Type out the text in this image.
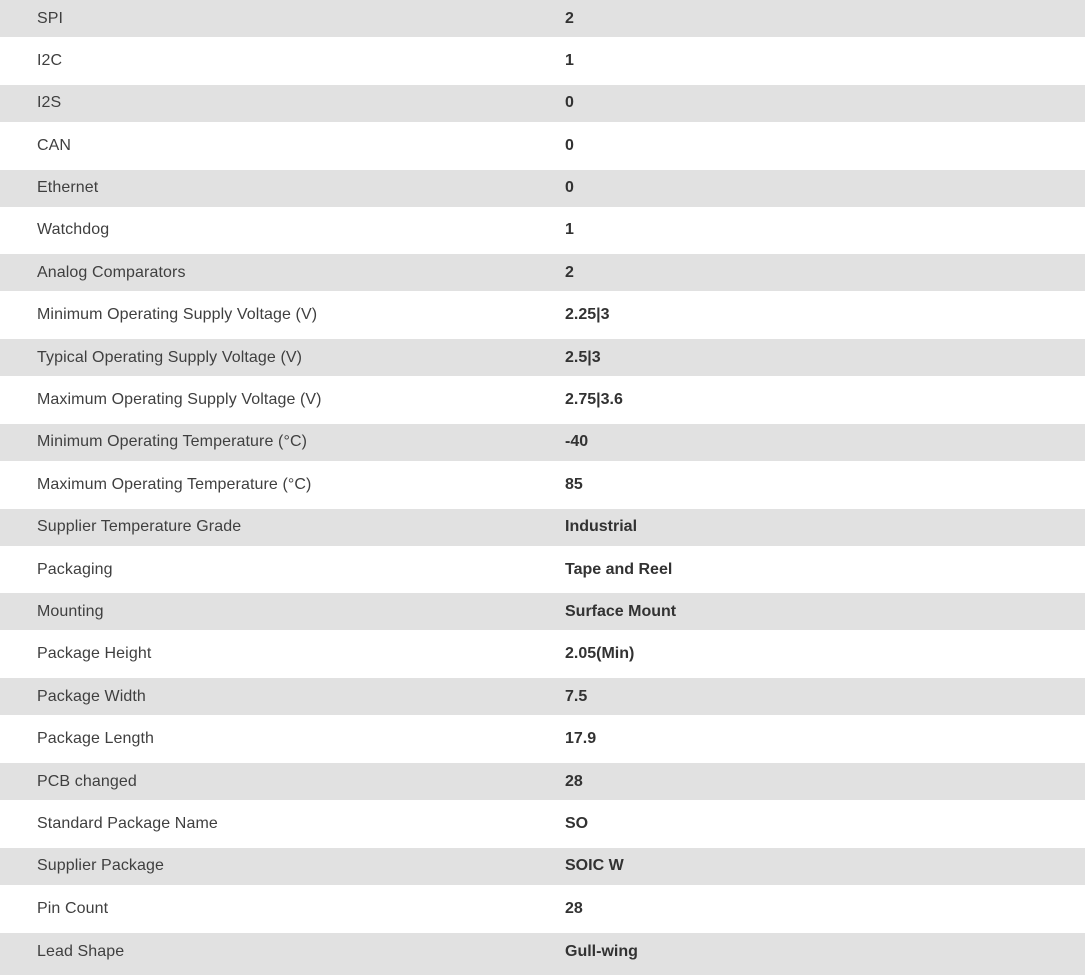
SPI	2
I2C	1
I2S	0
CAN	0
Ethernet	0
Watchdog	1
Analog Comparators	2
Minimum Operating Supply Voltage (V)	2.25|3
Typical Operating Supply Voltage (V)	2.5|3
Maximum Operating Supply Voltage (V)	2.75|3.6
Minimum Operating Temperature (°C)	-40
Maximum Operating Temperature (°C)	85
Supplier Temperature Grade	Industrial
Packaging	Tape and Reel
Mounting	Surface Mount
Package Height	2.05(Min)
Package Width	7.5
Package Length	17.9
PCB changed	28
Standard Package Name	SO
Supplier Package	SOIC W
Pin Count	28
Lead Shape	Gull-wing
